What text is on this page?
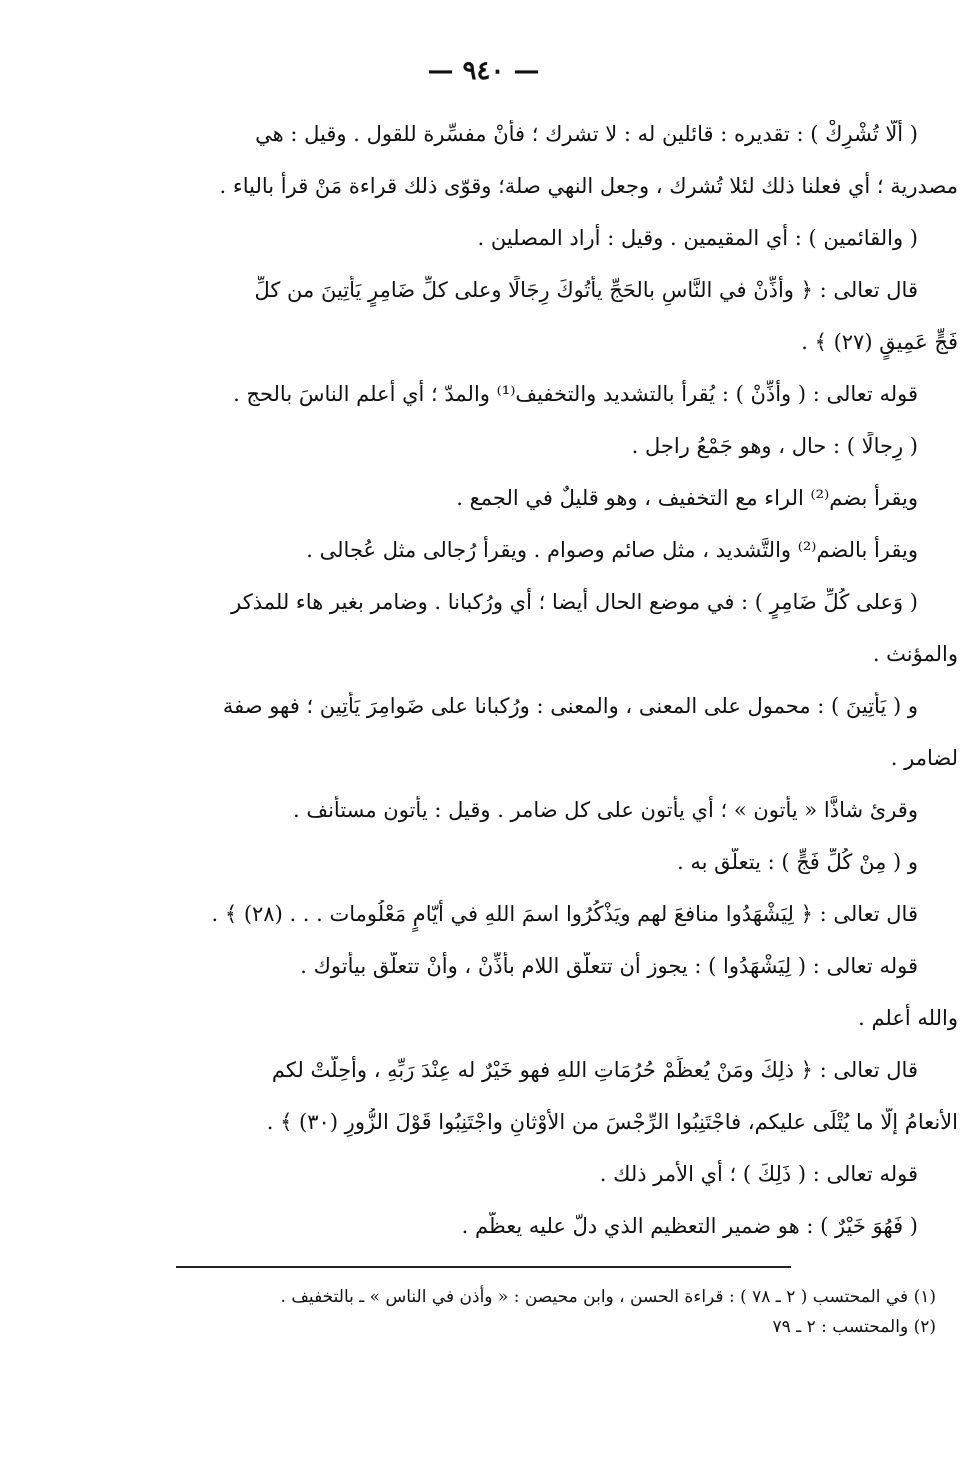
— ٩٤٠ —
( ألَّا تُشْرِكْ ) : تقديره : قائلين له : لا تشرك ؛ فأنْ مفسِّرة للقول . وقيل : هي
مصدرية ؛ أي فعلنا ذلك لئلا تُشرك ، وجعل النهي صلة؛ وقوّى ذلك قراءة مَنْ قرأ بالياء .
( والقائمين ) : أي المقيمين . وقيل : أراد المصلين .
قال تعالى : ﴿ وأذِّنْ في النَّاسِ بالحَجِّ يأتُوكَ رِجَالًا وعلى كلِّ ضَامِرٍ يَأْتِينَ من كلِّ
فَجٍّ عَمِيقٍ (٢٧) ﴾ .
قوله تعالى : ( وأذِّنْ ) : يُقرأ بالتشديد والتخفيف⁽¹⁾ والمدّ ؛ أي أعلم الناسَ بالحج .
( رِجالًا ) : حال ، وهو جَمْعُ راجل .
ويقرأ بضم⁽²⁾ الراء مع التخفيف ، وهو قليلٌ في الجمع .
ويقرأ بالضم⁽²⁾ والتَّشديد ، مثل صائم وصوام . ويقرأ رُجالى مثل عُجالى .
( وَعلى كُلِّ ضَامِرٍ ) : في موضع الحال أيضا ؛ أي ورُكبانا . وضامر بغير هاء للمذكر
والمؤنث .
و ( يَأْتِينَ ) : محمول على المعنى ، والمعنى : ورُكبانا على ضَوامِرَ يَأْتِين ؛ فهو صفة
لضامر .
وقرئ شاذًّا « يأتون » ؛ أي يأتون على كل ضامر . وقيل : يأتون مستأنف .
و ( مِنْ كُلِّ فَجٍّ ) : يتعلّق به .
قال تعالى : ﴿ لِيَشْهَدُوا منافعَ لهم ويَذْكُرُوا اسمَ اللهِ في أيّامٍ مَعْلُومات . . . (٢٨) ﴾ .
قوله تعالى : ( لِيَشْهَدُوا ) : يجوز أن تتعلّق اللام بأذِّنْ ، وأنْ تتعلّق بيأتوك .
والله أعلم .
قال تعالى : ﴿ ذلِكَ ومَنْ يُعظِّمْ حُرُمَاتِ اللهِ فهو خَيْرٌ له عِنْدَ رَبِّهِ ، وأُحِلَّتْ لكم
الأنعامُ إلَّا ما يُتْلَى عليكم، فاجْتَنِبُوا الرِّجْسَ من الأوْثانِ واجْتَنِبُوا قَوْلَ الزُّورِ (٣٠) ﴾ .
قوله تعالى : ( ذَلِكَ ) ؛ أي الأمر ذلك .
( فَهُوَ خَيْرٌ ) : هو ضمير التعظيم الذي دلّ عليه يعظّم .
(١) في المحتسب ( ٢ ـ ٧٨ ) : قراءة الحسن ، وابن محيصن : « وأذن في الناس » ـ بالتخفيف .
(٢) والمحتسب : ٢ ـ ٧٩
